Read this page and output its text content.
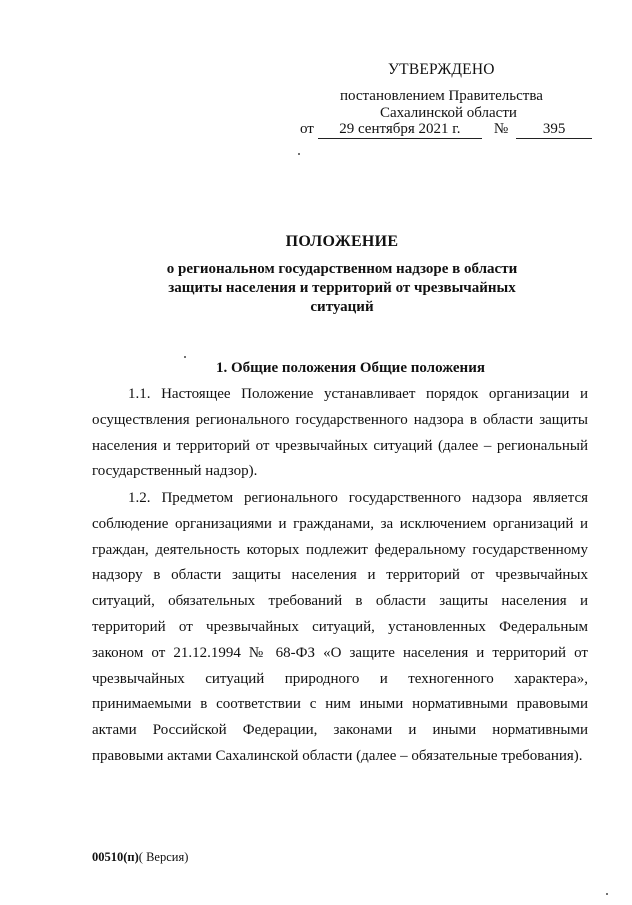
УТВЕРЖДЕНО
постановлением Правительства
Сахалинской области
от	29 сентября 2021 г.	№	395
ПОЛОЖЕНИЕ
о региональном государственном надзоре в области защиты населения и территорий от чрезвычайных ситуаций
1. Общие положения Общие положения

1.1. Настоящее Положение устанавливает порядок организации и осуществления регионального государственного надзора в области защиты населения и территорий от чрезвычайных ситуаций (далее – региональный государственный надзор).

1.2. Предметом регионального государственного надзора является соблюдение организациями и гражданами, за исключением организаций и граждан, деятельность которых подлежит федеральному государственному надзору в области защиты населения и территорий от чрезвычайных ситуаций, обязательных требований в области защиты населения и территорий от чрезвычайных ситуаций, установленных Федеральным законом от 21.12.1994 № 68-ФЗ «О защите населения и территорий от чрезвычайных ситуаций природного и техногенного характера», принимаемыми в соответствии с ним иными нормативными правовыми актами Российской Федерации, законами и иными нормативными правовыми актами Сахалинской области (далее – обязательные требования).

00510(п)( Версия)
